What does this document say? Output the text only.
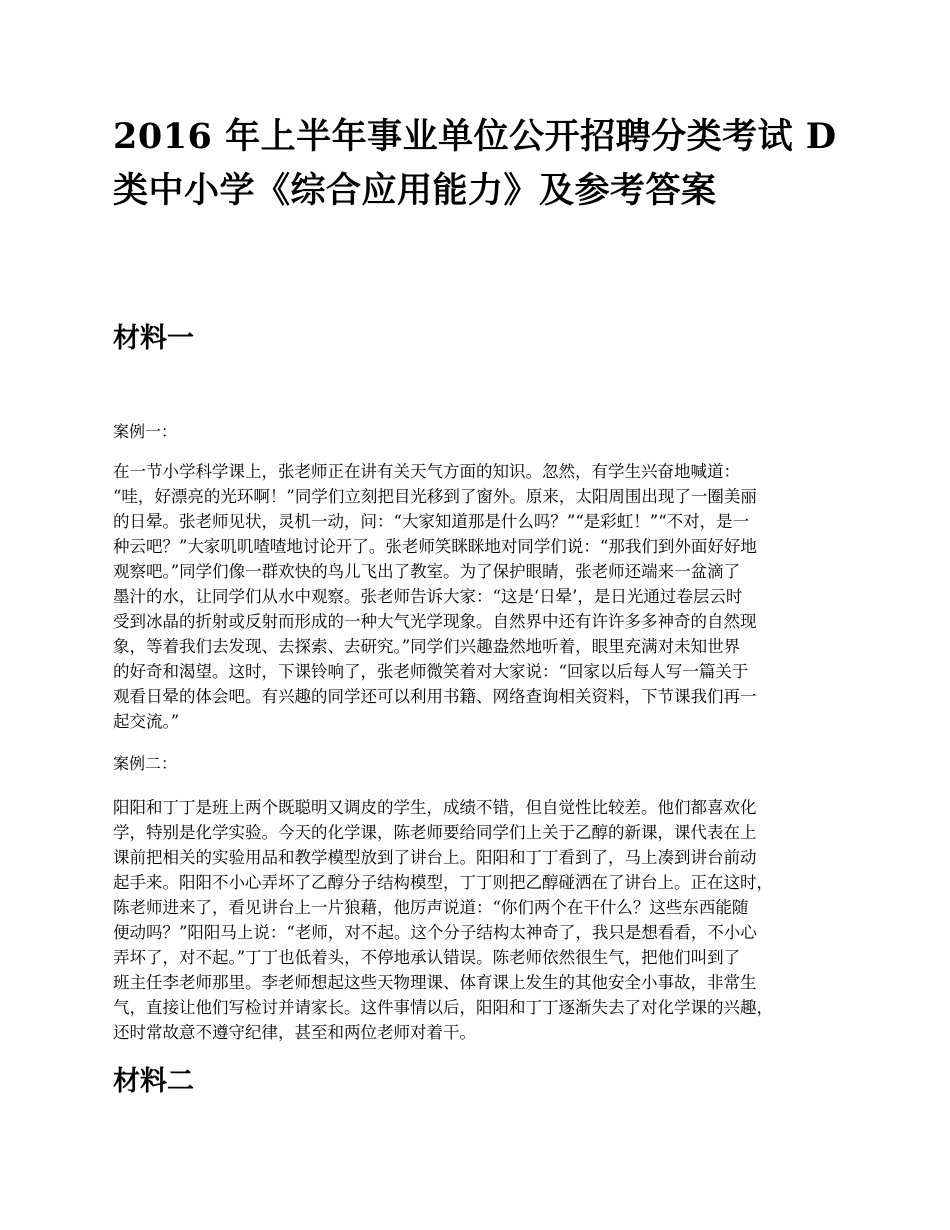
2016 年上半年事业单位公开招聘分类考试 D
类中小学《综合应用能力》及参考答案
材料一

案例一：

在一节小学科学课上，张老师正在讲有关天气方面的知识。忽然，有学生兴奋地喊道：
“哇，好漂亮的光环啊！”同学们立刻把目光移到了窗外。原来，太阳周围出现了一圈美丽
的日晕。张老师见状，灵机一动，问：“大家知道那是什么吗？”“是彩虹！”“不对，是一
种云吧？”大家叽叽喳喳地讨论开了。张老师笑眯眯地对同学们说：“那我们到外面好好地
观察吧。”同学们像一群欢快的鸟儿飞出了教室。为了保护眼睛，张老师还端来一盆滴了
墨汁的水，让同学们从水中观察。张老师告诉大家：“这是‘日晕’，是日光通过卷层云时
受到冰晶的折射或反射而形成的一种大气光学现象。自然界中还有许许多多神奇的自然现
象，等着我们去发现、去探索、去研究。”同学们兴趣盎然地听着，眼里充满对未知世界
的好奇和渴望。这时，下课铃响了，张老师微笑着对大家说：“回家以后每人写一篇关于
观看日晕的体会吧。有兴趣的同学还可以利用书籍、网络查询相关资料，下节课我们再一
起交流。”

案例二：

阳阳和丁丁是班上两个既聪明又调皮的学生，成绩不错，但自觉性比较差。他们都喜欢化
学，特别是化学实验。今天的化学课，陈老师要给同学们上关于乙醇的新课，课代表在上
课前把相关的实验用品和教学模型放到了讲台上。阳阳和丁丁看到了，马上凑到讲台前动
起手来。阳阳不小心弄坏了乙醇分子结构模型，丁丁则把乙醇碰洒在了讲台上。正在这时，
陈老师进来了，看见讲台上一片狼藉，他厉声说道：“你们两个在干什么？这些东西能随
便动吗？”阳阳马上说：“老师，对不起。这个分子结构太神奇了，我只是想看看，不小心
弄坏了，对不起。”丁丁也低着头，不停地承认错误。陈老师依然很生气，把他们叫到了
班主任李老师那里。李老师想起这些天物理课、体育课上发生的其他安全小事故，非常生
气，直接让他们写检讨并请家长。这件事情以后，阳阳和丁丁逐渐失去了对化学课的兴趣，
还时常故意不遵守纪律，甚至和两位老师对着干。
材料二
